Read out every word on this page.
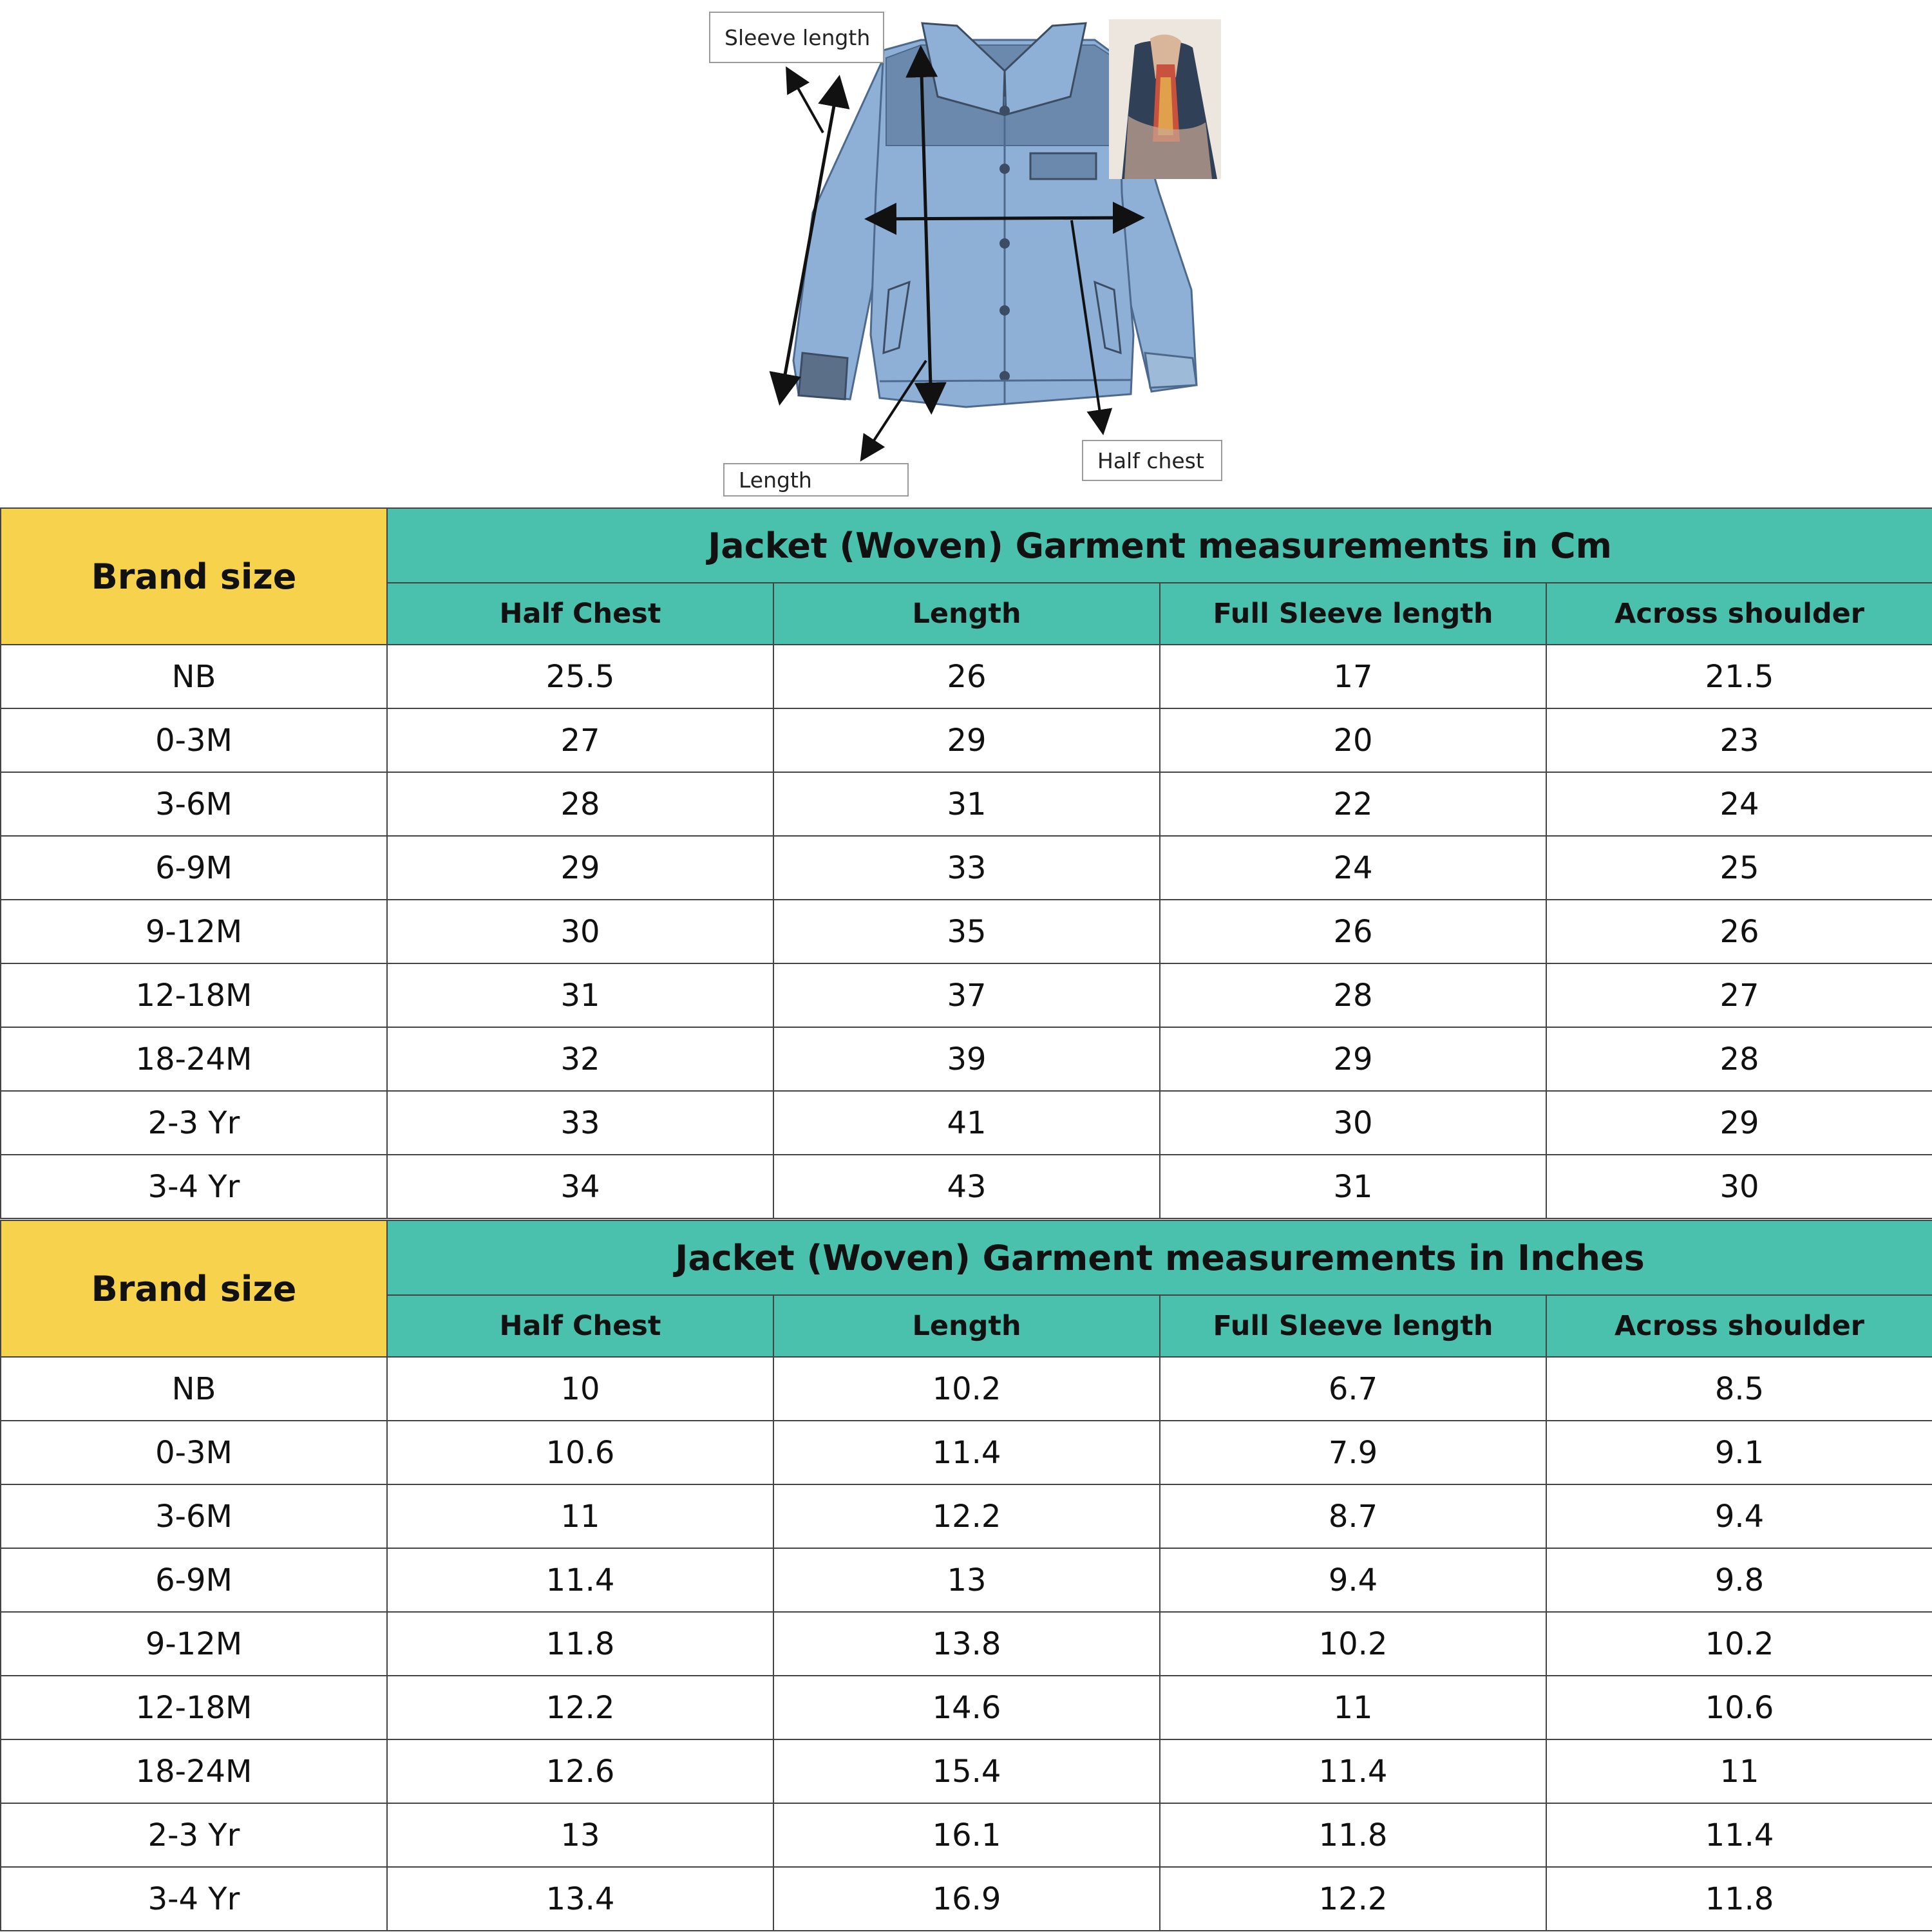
Sleeve length
Length
Half chest
Brand size	Jacket (Woven) Garment measurements in Cm			
	Half Chest	Length	Full Sleeve length	Across shoulder
NB	25.5	26	17	21.5
0-3M	27	29	20	23
3-6M	28	31	22	24
6-9M	29	33	24	25
9-12M	30	35	26	26
12-18M	31	37	28	27
18-24M	32	39	29	28
2-3 Yr	33	41	30	29
3-4 Yr	34	43	31	30
Brand size	Jacket (Woven) Garment measurements in Inches			
	Half Chest	Length	Full Sleeve length	Across shoulder
NB	10	10.2	6.7	8.5
0-3M	10.6	11.4	7.9	9.1
3-6M	11	12.2	8.7	9.4
6-9M	11.4	13	9.4	9.8
9-12M	11.8	13.8	10.2	10.2
12-18M	12.2	14.6	11	10.6
18-24M	12.6	15.4	11.4	11
2-3 Yr	13	16.1	11.8	11.4
3-4 Yr	13.4	16.9	12.2	11.8
